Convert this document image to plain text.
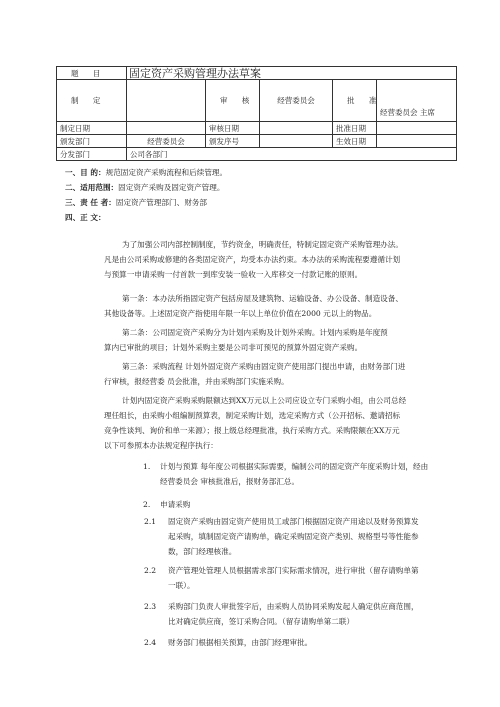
题 目	固定资产采购管理办法草案				
制 定		审 核	经营委员会	批 准	经营委员会 主席
制定日期		审核日期		批准日期	
颁发部门	经营委员会	颁发序号		生效日期	
分发部门	公司各部门				
一、目 的：规范固定资产采购流程和后续管理。
二、适用范围：固定资产采购及固定资产管理。
三、责 任 者：固定资产管理部门、财务部
四、正 文：
为了加强公司内部控制制度，节约资金，明确责任，特制定固定资产采购管理办法。
凡是由公司采购或修建的各类固定资产，均受本办法约束。本办法的采购流程要遵循计划
与预算一申请采购一付首款一到库安装一验收一入库移交一付款记账的原则。
第一条：本办法所指固定资产包括房屋及建筑物、运输设备、办公设备、制造设备、
其他设备等。上述固定资产指使用年限一年以上单位价值在2000 元以上的物品。
第二条：公司固定资产采购分为计划内采购及计划外采购。计划内采购是年度预
算内已审批的项目；计划外采购主要是公司非可预见的预算外固定资产采购。
第三条：采购流程 计划外固定资产采购由固定资产使用部门提出申请，由财务部门进
行审核，报经营委 员会批准，并由采购部门实施采购。
计划内固定资产采购采购限额达到XX万元以上公司应设立专门采购小组，由公司总经
理任组长，由采购小组编制预算表，制定采购计划，选定采购方式（公开招标、邀请招标
竞争性谈判、询价和单一来源）；报上级总经理批准，执行采购方式。采购限额在XX万元
以下可参照本办法规定程序执行：
1. 计划与预算 每年度公司根据实际需要，编制公司的固定资产年度采购计划，经由
经营委员会 审核批准后，报财务部汇总。
2. 申请采购
2.1 固定资产采购由固定资产使用员工或部门根据固定资产用途以及财务预算发
起采购，填制固定资产请购单，确定采购固定资产类别、规格型号等性能参
数，部门经理核准。
2.2 资产管理处管理人员根据需求部门实际需求情况，进行审批（留存请购单第
一联）。
2.3 采购部门负责人审批签字后，由采购人员协同采购发起人确定供应商范围，
比对确定供应商，签订采购合同。（留存请购单第二联）
2.4 财务部门根据相关预算，由部门经理审批。
